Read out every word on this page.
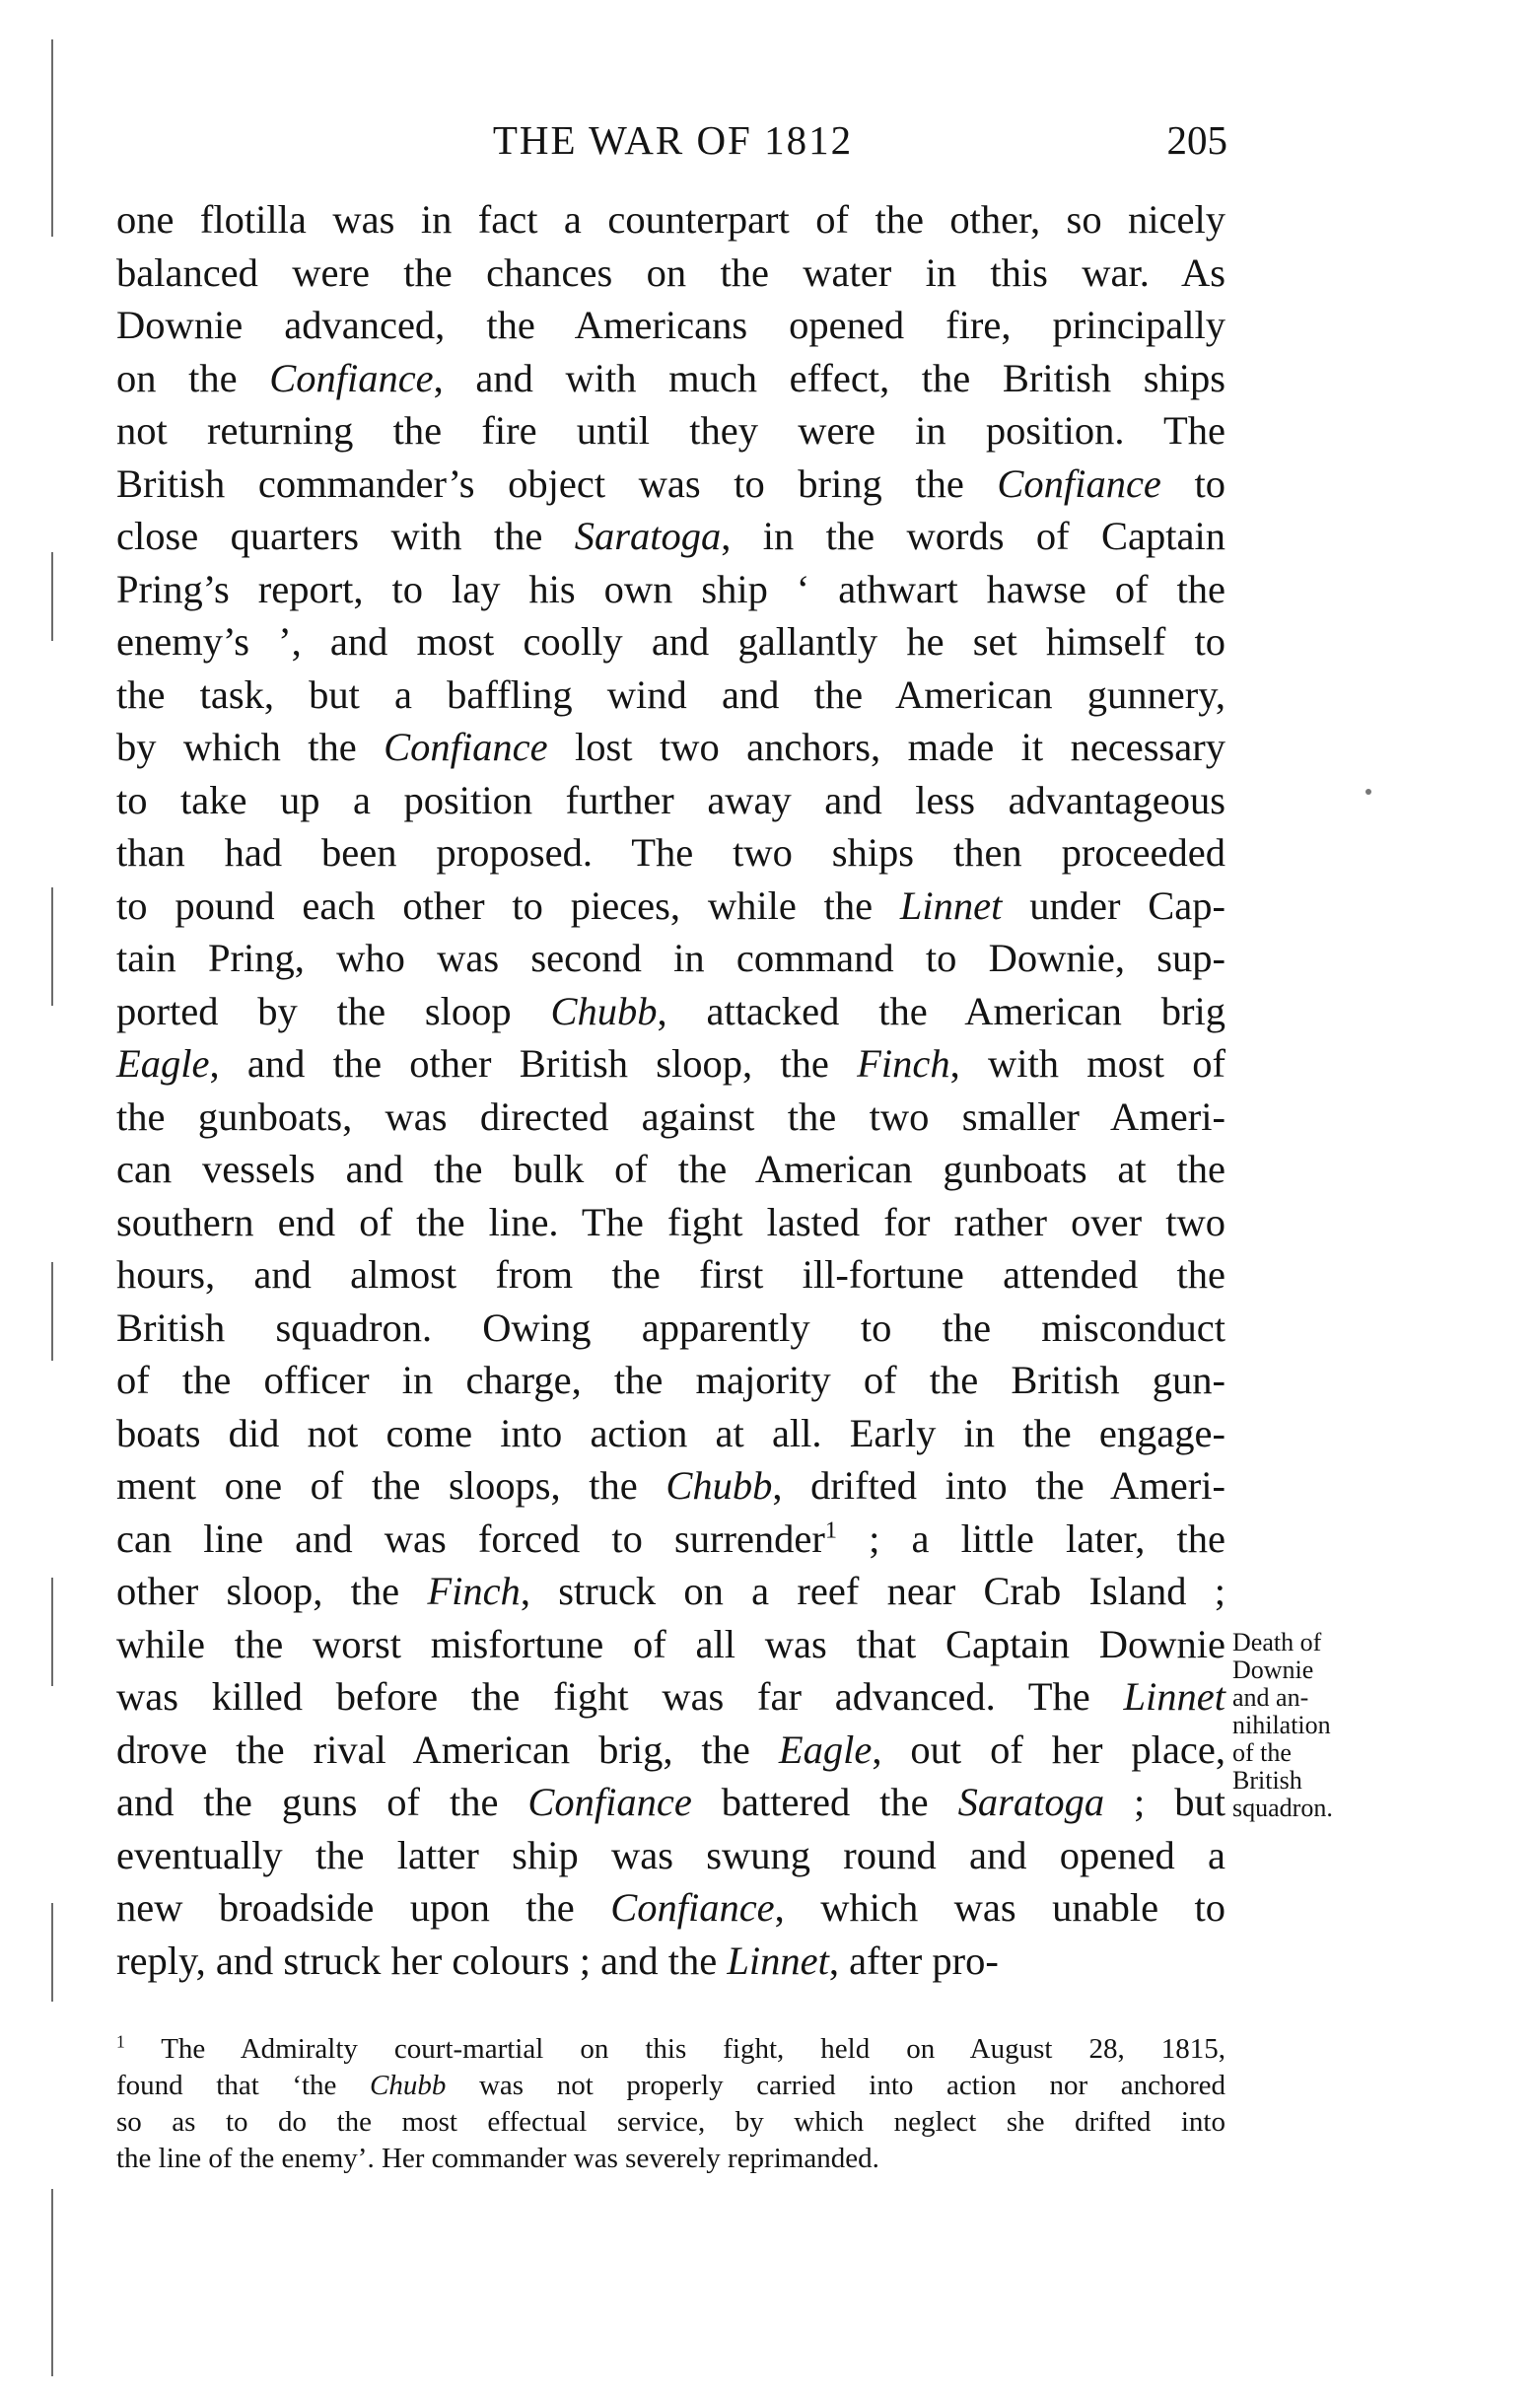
THE WAR OF 1812	205
one flotilla was in fact a counterpart of the other, so nicely
balanced were the chances on the water in this war. As
Downie advanced, the Americans opened fire, principally
on the Confiance, and with much effect, the British ships
not returning the fire until they were in position. The
British commander’s object was to bring the Confiance to
close quarters with the Saratoga, in the words of Captain
Pring’s report, to lay his own ship ‘ athwart hawse of the
enemy’s ’, and most coolly and gallantly he set himself to
the task, but a baffling wind and the American gunnery,
by which the Confiance lost two anchors, made it necessary
to take up a position further away and less advantageous
than had been proposed. The two ships then proceeded
to pound each other to pieces, while the Linnet under Cap-
tain Pring, who was second in command to Downie, sup-
ported by the sloop Chubb, attacked the American brig
Eagle, and the other British sloop, the Finch, with most of
the gunboats, was directed against the two smaller Ameri-
can vessels and the bulk of the American gunboats at the
southern end of the line. The fight lasted for rather over two
hours, and almost from the first ill-fortune attended the
British squadron. Owing apparently to the misconduct
of the officer in charge, the majority of the British gun-
boats did not come into action at all. Early in the engage-
ment one of the sloops, the Chubb, drifted into the Ameri-
can line and was forced to surrender$^1$ ; a little later, the
other sloop, the Finch, struck on a reef near Crab Island ;
while the worst misfortune of all was that Captain Downie
was killed before the fight was far advanced. The Linnet
drove the rival American brig, the Eagle, out of her place,
and the guns of the Confiance battered the Saratoga ; but
eventually the latter ship was swung round and opened a
new broadside upon the Confiance, which was unable to
reply, and struck her colours ; and the Linnet, after pro-
Death of
Downie
and an-
nihilation
of the
British
squadron.
$^1$ The Admiralty court-martial on this fight, held on August 28, 1815,
found that ‘the Chubb was not properly carried into action nor anchored
so as to do the most effectual service, by which neglect she drifted into
the line of the enemy’. Her commander was severely reprimanded.
